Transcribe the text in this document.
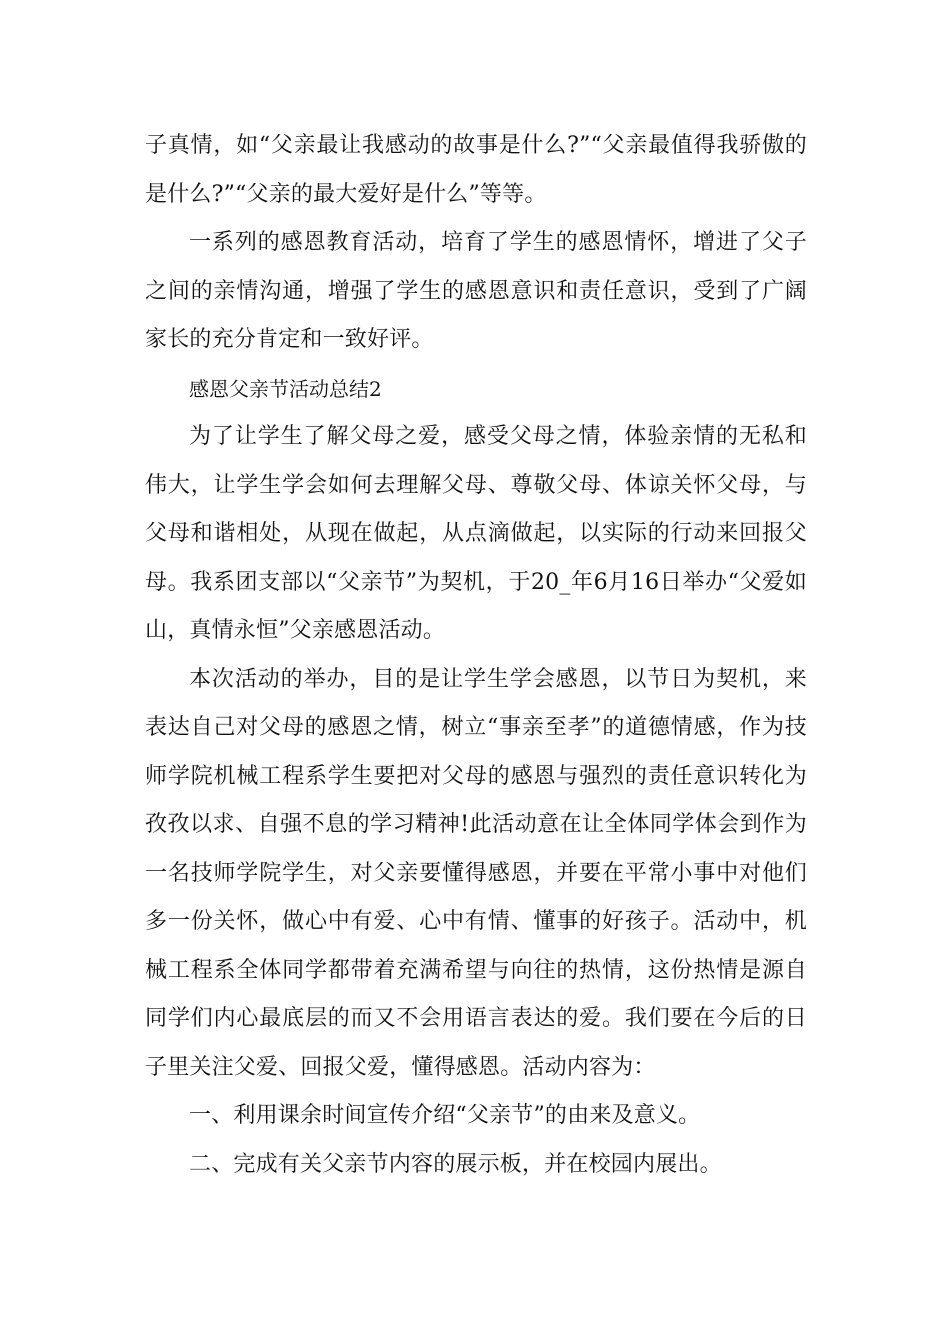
子真情，如“父亲最让我感动的故事是什么?”“父亲最值得我骄傲的是什么?”“父亲的最大爱好是什么”等等。

一系列的感恩教育活动，培育了学生的感恩情怀，增进了父子之间的亲情沟通，增强了学生的感恩意识和责任意识，受到了广阔家长的充分肯定和一致好评。

感恩父亲节活动总结2

为了让学生了解父母之爱，感受父母之情，体验亲情的无私和伟大，让学生学会如何去理解父母、尊敬父母、体谅关怀父母，与父母和谐相处，从现在做起，从点滴做起，以实际的行动来回报父母。我系团支部以“父亲节”为契机，于20_年6月16日举办“父爱如山，真情永恒”父亲感恩活动。

本次活动的举办，目的是让学生学会感恩，以节日为契机，来表达自己对父母的感恩之情，树立“事亲至孝”的道德情感，作为技师学院机械工程系学生要把对父母的感恩与强烈的责任意识转化为孜孜以求、自强不息的学习精神!此活动意在让全体同学体会到作为一名技师学院学生，对父亲要懂得感恩，并要在平常小事中对他们多一份关怀，做心中有爱、心中有情、懂事的好孩子。活动中，机械工程系全体同学都带着充满希望与向往的热情，这份热情是源自同学们内心最底层的而又不会用语言表达的爱。我们要在今后的日子里关注父爱、回报父爱，懂得感恩。活动内容为：

一、利用课余时间宣传介绍“父亲节”的由来及意义。

二、完成有关父亲节内容的展示板，并在校园内展出。
